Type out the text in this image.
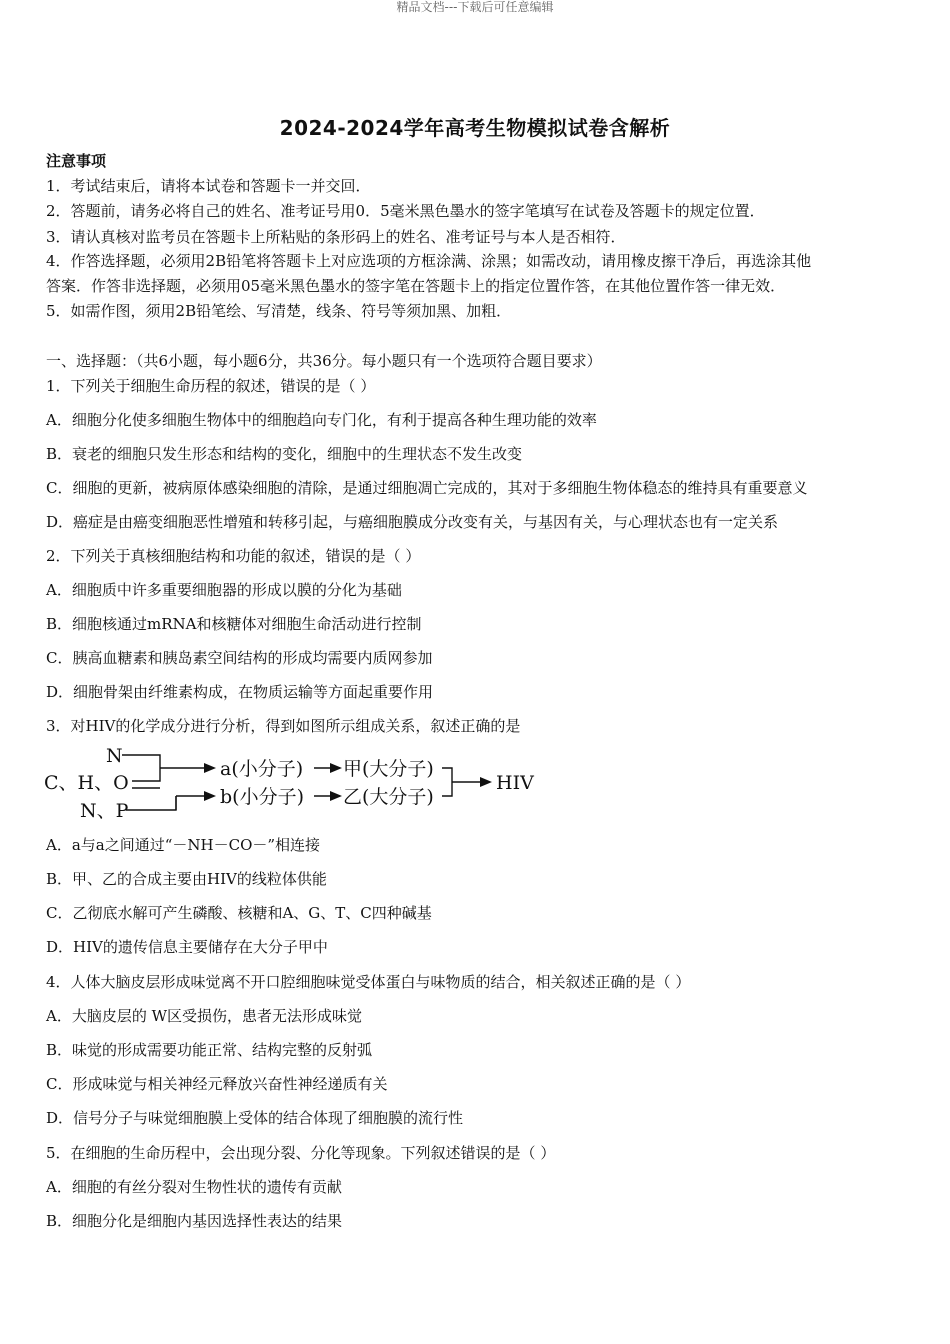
精品文档---下载后可任意编辑
2024-2024学年高考生物模拟试卷含解析
注意事项
1．考试结束后，请将本试卷和答题卡一并交回．
2．答题前，请务必将自己的姓名、准考证号用0．5毫米黑色墨水的签字笔填写在试卷及答题卡的规定位置．
3．请认真核对监考员在答题卡上所粘贴的条形码上的姓名、准考证号与本人是否相符．
4．作答选择题，必须用2B铅笔将答题卡上对应选项的方框涂满、涂黑；如需改动，请用橡皮擦干净后，再选涂其他
答案．作答非选择题，必须用05毫米黑色墨水的签字笔在答题卡上的指定位置作答，在其他位置作答一律无效．
5．如需作图，须用2B铅笔绘、写清楚，线条、符号等须加黑、加粗．
一、选择题：（共6小题，每小题6分，共36分。每小题只有一个选项符合题目要求）
1．下列关于细胞生命历程的叙述，错误的是（ ）
A．细胞分化使多细胞生物体中的细胞趋向专门化，有利于提高各种生理功能的效率
B．衰老的细胞只发生形态和结构的变化，细胞中的生理状态不发生改变
C．细胞的更新，被病原体感染细胞的清除，是通过细胞凋亡完成的，其对于多细胞生物体稳态的维持具有重要意义
D．癌症是由癌变细胞恶性增殖和转移引起，与癌细胞膜成分改变有关，与基因有关，与心理状态也有一定关系
2．下列关于真核细胞结构和功能的叙述，错误的是（ ）
A．细胞质中许多重要细胞器的形成以膜的分化为基础
B．细胞核通过mRNA和核糖体对细胞生命活动进行控制
C．胰高血糖素和胰岛素空间结构的形成均需要内质网参加
D．细胞骨架由纤维素构成，在物质运输等方面起重要作用
3．对HIV的化学成分进行分析，得到如图所示组成关系，叙述正确的是
N
C、H、O
N、P
a(小分子) 甲(大分子)
b(小分子) 乙(大分子)
HIV
A．a与a之间通过“－NH－CO－”相连接
B．甲、乙的合成主要由HIV的线粒体供能
C．乙彻底水解可产生磷酸、核糖和A、G、T、C四种碱基
D．HIV的遗传信息主要储存在大分子甲中
4．人体大脑皮层形成味觉离不开口腔细胞味觉受体蛋白与味物质的结合，相关叙述正确的是（ ）
A．大脑皮层的 W区受损伤，患者无法形成味觉
B．味觉的形成需要功能正常、结构完整的反射弧
C．形成味觉与相关神经元释放兴奋性神经递质有关
D．信号分子与味觉细胞膜上受体的结合体现了细胞膜的流行性
5．在细胞的生命历程中，会出现分裂、分化等现象。下列叙述错误的是（ ）
A．细胞的有丝分裂对生物性状的遗传有贡献
B．细胞分化是细胞内基因选择性表达的结果
